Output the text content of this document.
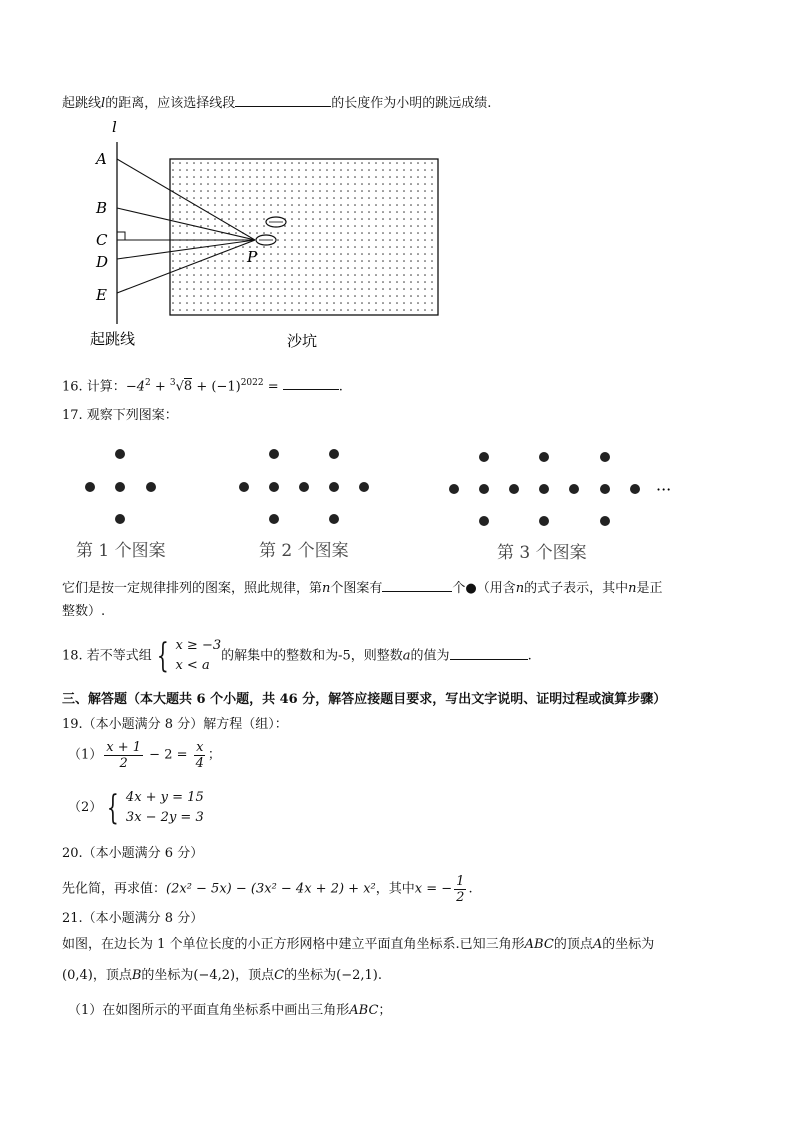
起跳线l的距离，应该选择线段	的长度作为小明的跳远成绩.
l
A
B
C
D
E
P
起跳线	沙坑
16. 计算：$-4^2 + ^3√8 + (-1)^{2022}$ =	.
17. 观察下列图案：
···
第 1 个图案	第 2 个图案	第 3 个图案
它们是按一定规律排列的图案，照此规律，第n个图案有	个●（用含n的式子表示，其中n是正
整数）.
18. 若不等式组 { x ≥ −3
x < a
的解集中的整数和为-5，则整数a的值为	.
三、解答题（本大题共 6 个小题，共 46 分，解答应接题目要求，写出文字说明、证明过程或演算步骤）
19.（本小题满分 8 分）解方程（组）：
$(1) \frac{x + 1}{2} - 2 = \frac{x}{4}$ ；
（2） { 4x + y = 15
3x − 2y = 3
20.（本小题满分 6 分）
先化简，再求值：(2x² − 5x) − (3x² − 4x + 2) + x²，其中x = − $\frac{1}{2}$ .
21.（本小题满分 8 分）
如图，在边长为 1 个单位长度的小正方形网格中建立平面直角坐标系.已知三角形ABC的顶点A的坐标为
(0,4)，顶点B的坐标为(−4,2)，顶点C的坐标为(−2,1).
（1）在如图所示的平面直角坐标系中画出三角形ABC；
